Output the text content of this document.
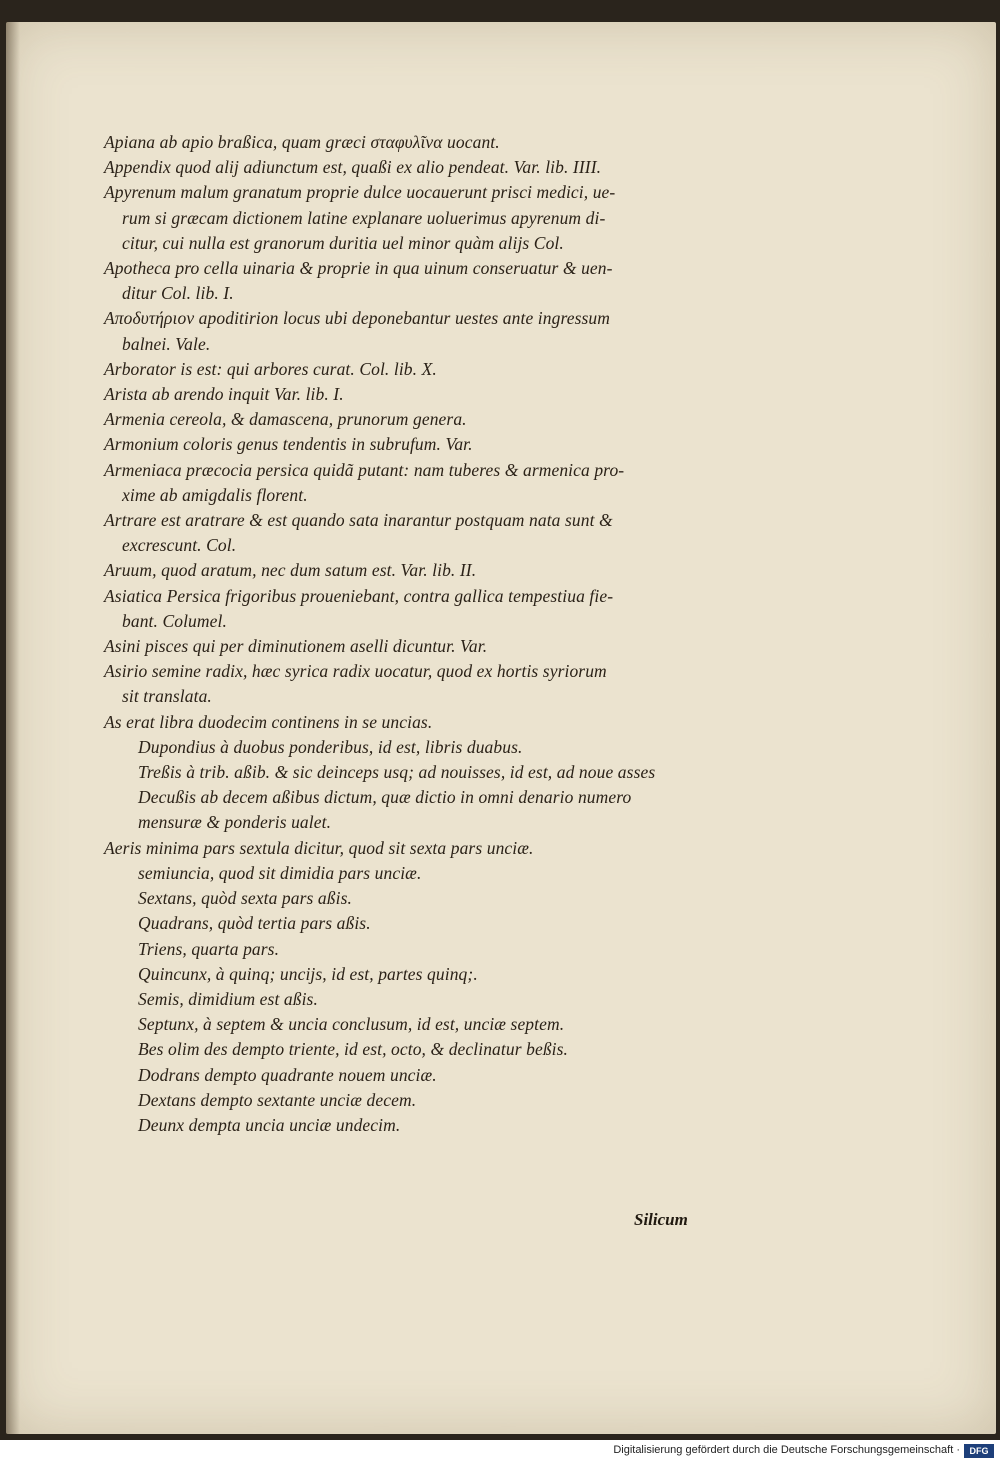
Apiana ab apio braßica, quam græci σταφυλῖνα uocant.
Appendix quod alij adiunctum est, quaßi ex alio pendeat. Var. lib. IIII.
Apyrenum malum granatum proprie dulce uocauerunt prisci medici, ue-
rum si græcam dictionem latine explanare uoluerimus apyrenum di-
citur, cui nulla est granorum duritia uel minor quàm alijs Col.
Apotheca pro cella uinaria & proprie in qua uinum conseruatur & uen-
ditur Col. lib. I.
Αποδυτήριον apoditirion locus ubi deponebantur uestes ante ingressum
balnei. Vale.
Arborator is est: qui arbores curat. Col. lib. X.
Arista ab arendo inquit Var. lib. I.
Armenia cereola, & damascena, prunorum genera.
Armonium coloris genus tendentis in subrufum. Var.
Armeniaca præcocia persica quidã putant: nam tuberes & armenica pro-
xime ab amigdalis florent.
Artrare est aratrare & est quando sata inarantur postquam nata sunt &
excrescunt. Col.
Aruum, quod aratum, nec dum satum est. Var. lib. II.
Asiatica Persica frigoribus proueniebant, contra gallica tempestiua fie-
bant. Columel.
Asini pisces qui per diminutionem aselli dicuntur. Var.
Asirio semine radix, hæc syrica radix uocatur, quod ex hortis syriorum
sit translata.
As erat libra duodecim continens in se uncias.
Dupondius à duobus ponderibus, id est, libris duabus.
Treßis à trib. aßib. & sic deinceps usq; ad nouisses, id est, ad noue asses
Decußis ab decem aßibus dictum, quæ dictio in omni denario numero
mensuræ & ponderis ualet.
Aeris minima pars sextula dicitur, quod sit sexta pars unciæ.
semiuncia, quod sit dimidia pars unciæ.
Sextans, quòd sexta pars aßis.
Quadrans, quòd tertia pars aßis.
Triens, quarta pars.
Quincunx, à quinq; uncijs, id est, partes quinq;.
Semis, dimidium est aßis.
Septunx, à septem & uncia conclusum, id est, unciæ septem.
Bes olim des dempto triente, id est, octo, & declinatur beßis.
Dodrans dempto quadrante nouem unciæ.
Dextans dempto sextante unciæ decem.
Deunx dempta uncia unciæ undecim.
Silicum
Digitalisierung gefördert durch die Deutsche Forschungsgemeinschaft ·	DFG
